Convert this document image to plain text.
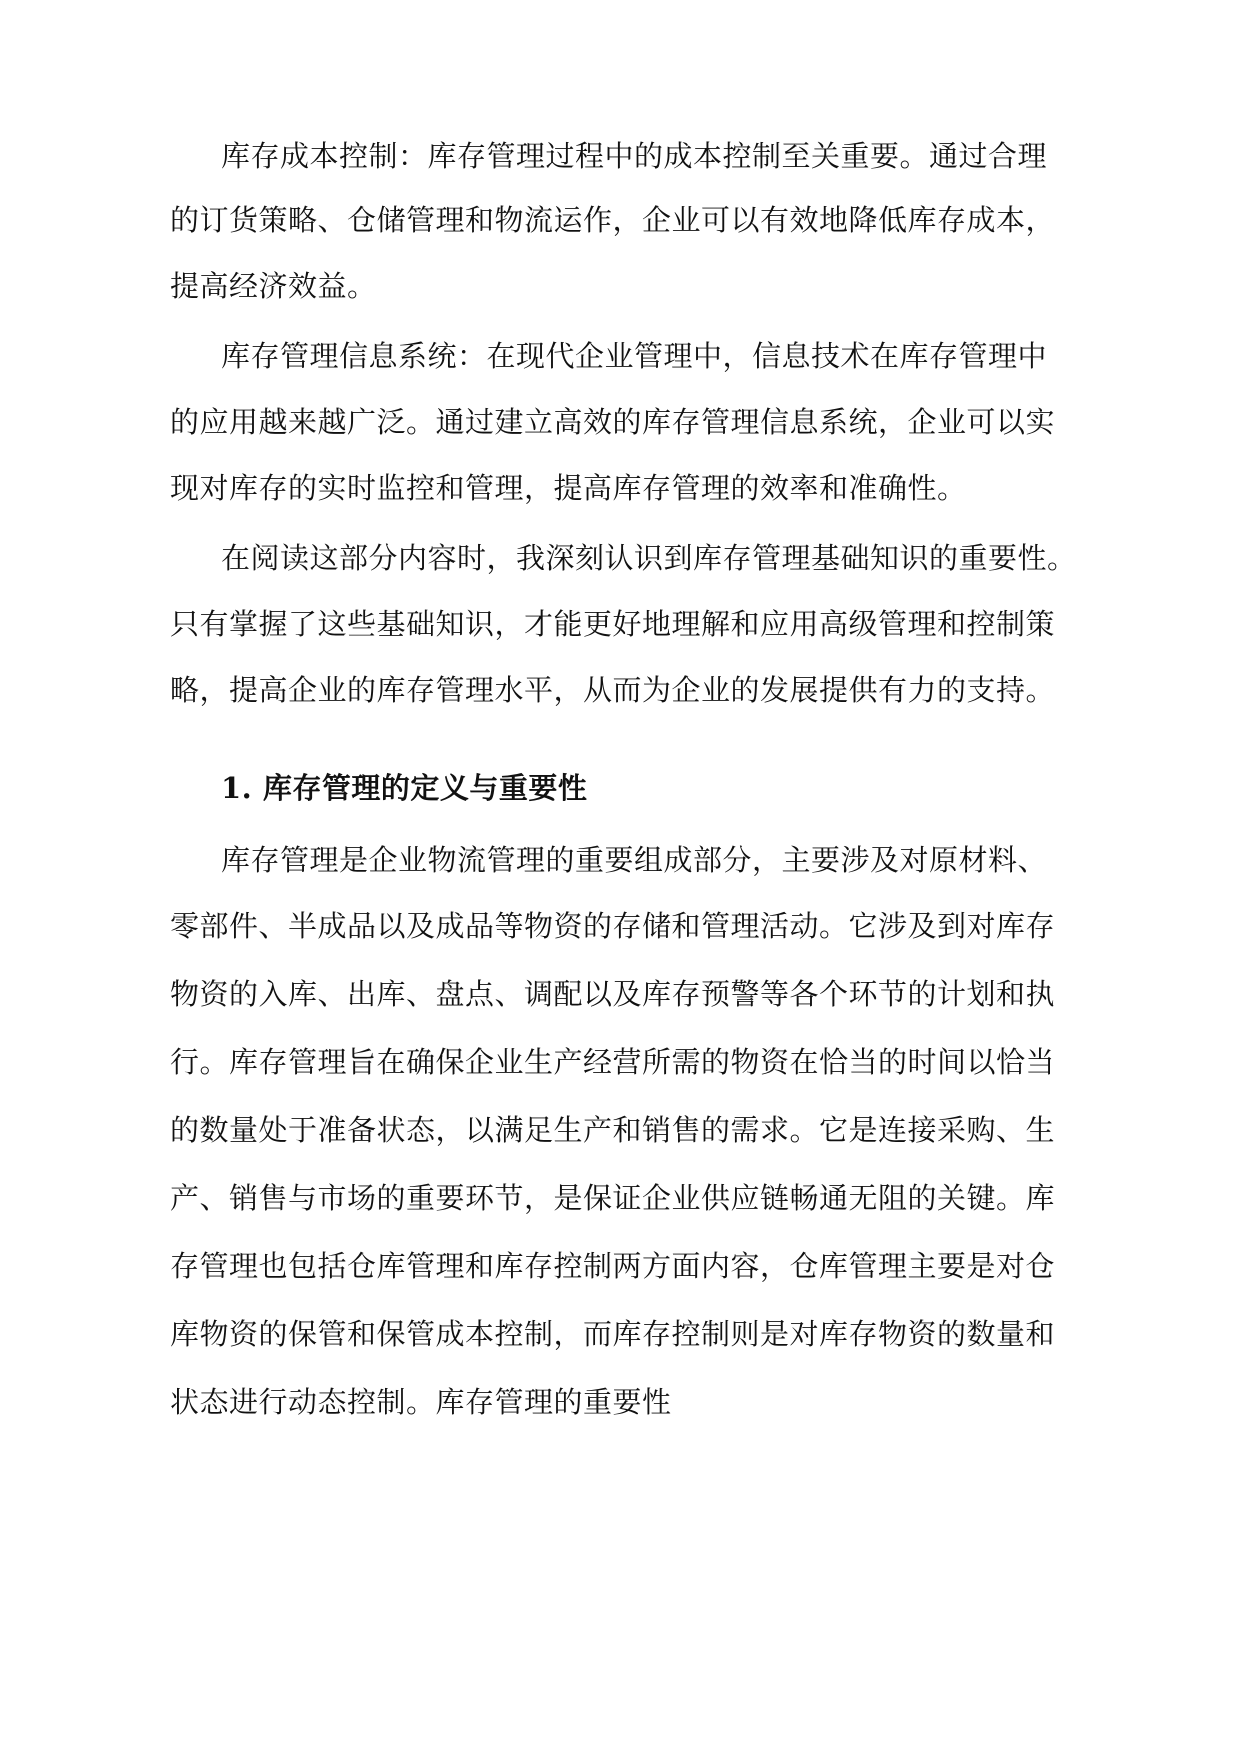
库存成本控制：库存管理过程中的成本控制至关重要。通过合理
的订货策略、仓储管理和物流运作，企业可以有效地降低库存成本，
提高经济效益。
库存管理信息系统：在现代企业管理中，信息技术在库存管理中
的应用越来越广泛。通过建立高效的库存管理信息系统，企业可以实
现对库存的实时监控和管理，提高库存管理的效率和准确性。
在阅读这部分内容时，我深刻认识到库存管理基础知识的重要性。
只有掌握了这些基础知识，才能更好地理解和应用高级管理和控制策
略，提高企业的库存管理水平，从而为企业的发展提供有力的支持。
1. 库存管理的定义与重要性
库存管理是企业物流管理的重要组成部分，主要涉及对原材料、
零部件、半成品以及成品等物资的存储和管理活动。它涉及到对库存
物资的入库、出库、盘点、调配以及库存预警等各个环节的计划和执
行。库存管理旨在确保企业生产经营所需的物资在恰当的时间以恰当
的数量处于准备状态，以满足生产和销售的需求。它是连接采购、生
产、销售与市场的重要环节，是保证企业供应链畅通无阻的关键。库
存管理也包括仓库管理和库存控制两方面内容，仓库管理主要是对仓
库物资的保管和保管成本控制，而库存控制则是对库存物资的数量和
状态进行动态控制。库存管理的重要性
